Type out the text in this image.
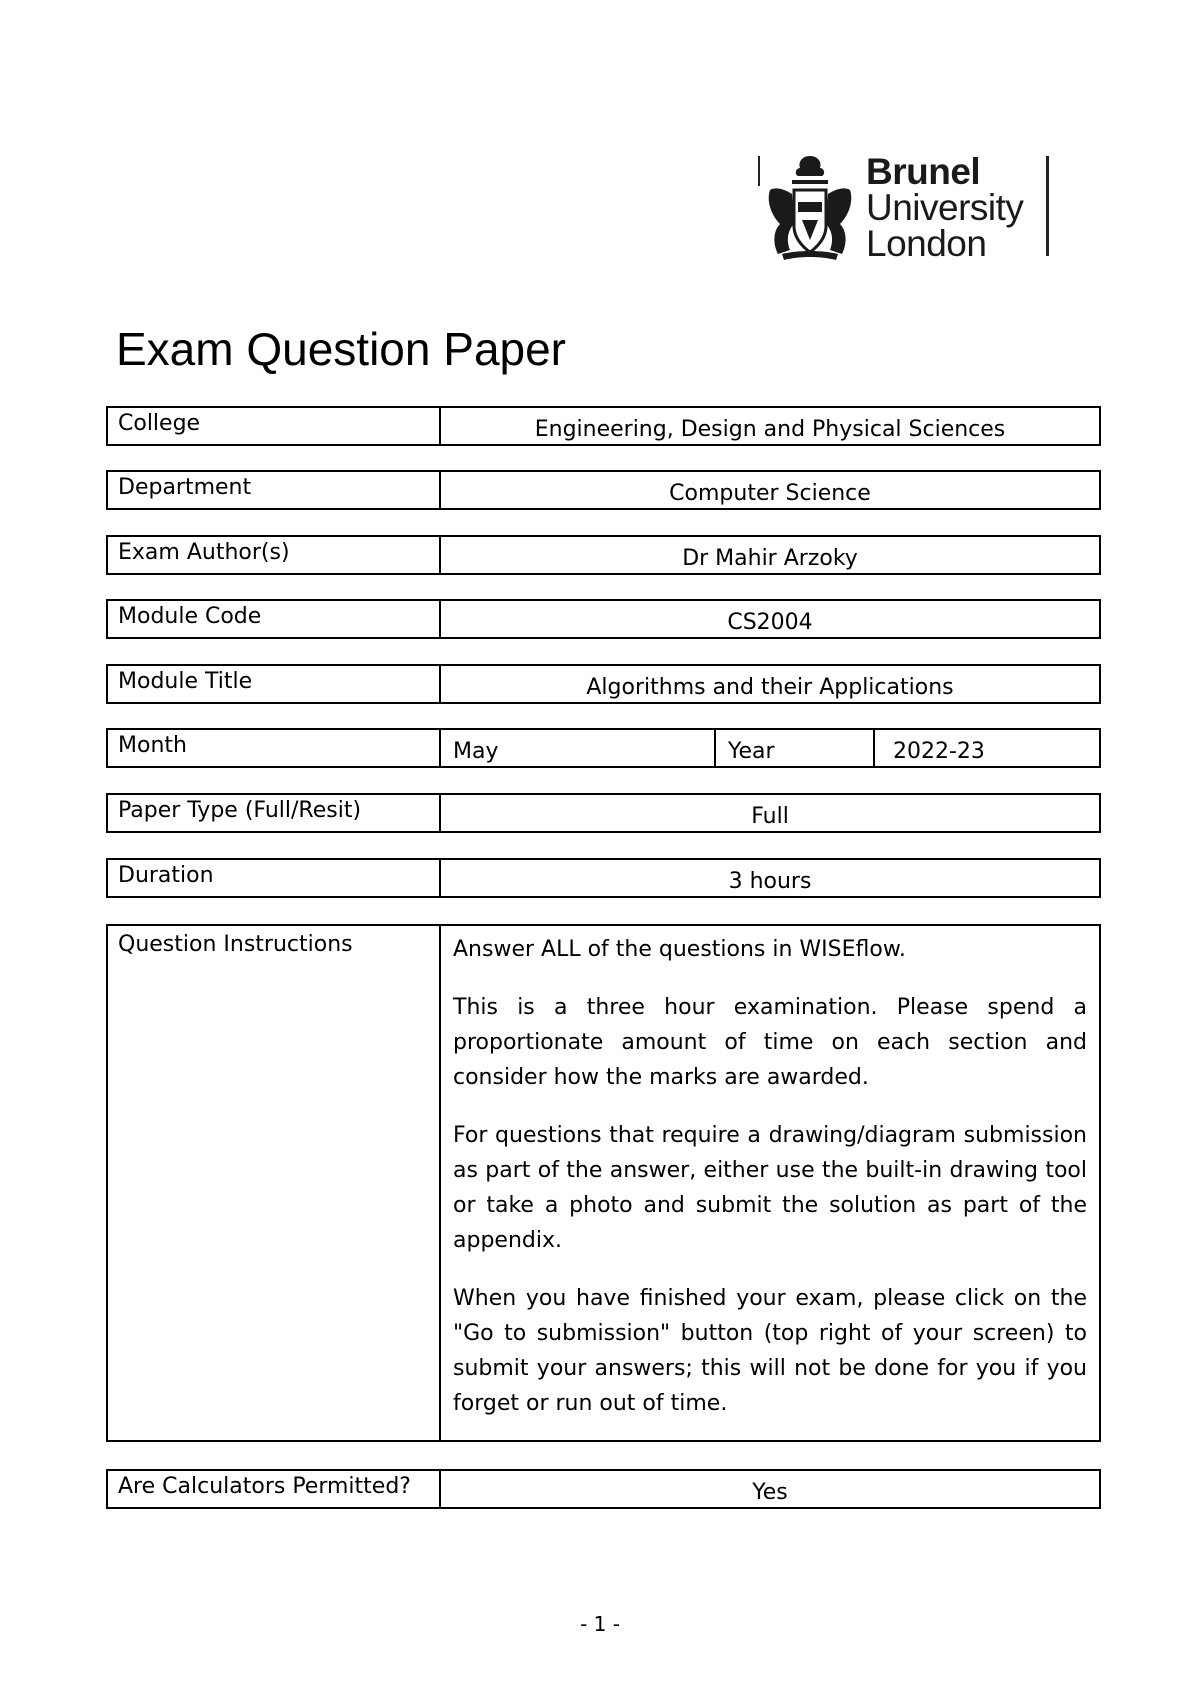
Brunel
University
London
Exam Question Paper
College	Engineering, Design and Physical Sciences
Department	Computer Science
Exam Author(s)	Dr Mahir Arzoky
Module Code	CS2004
Module Title	Algorithms and their Applications
Month	May	Year	2022-23
Paper Type (Full/Resit)	Full
Duration	3 hours
Question Instructions	Answer ALL of the questions in WISEflow.

This is a three hour examination. Please spend a proportionate amount of time on each section and consider how the marks are awarded.

For questions that require a drawing/diagram submission as part of the answer, either use the built-in drawing tool or take a photo and submit the solution as part of the appendix.

When you have finished your exam, please click on the "Go to submission" button (top right of your screen) to submit your answers; this will not be done for you if you forget or run out of time.

Are Calculators Permitted?	Yes
- 1 -
